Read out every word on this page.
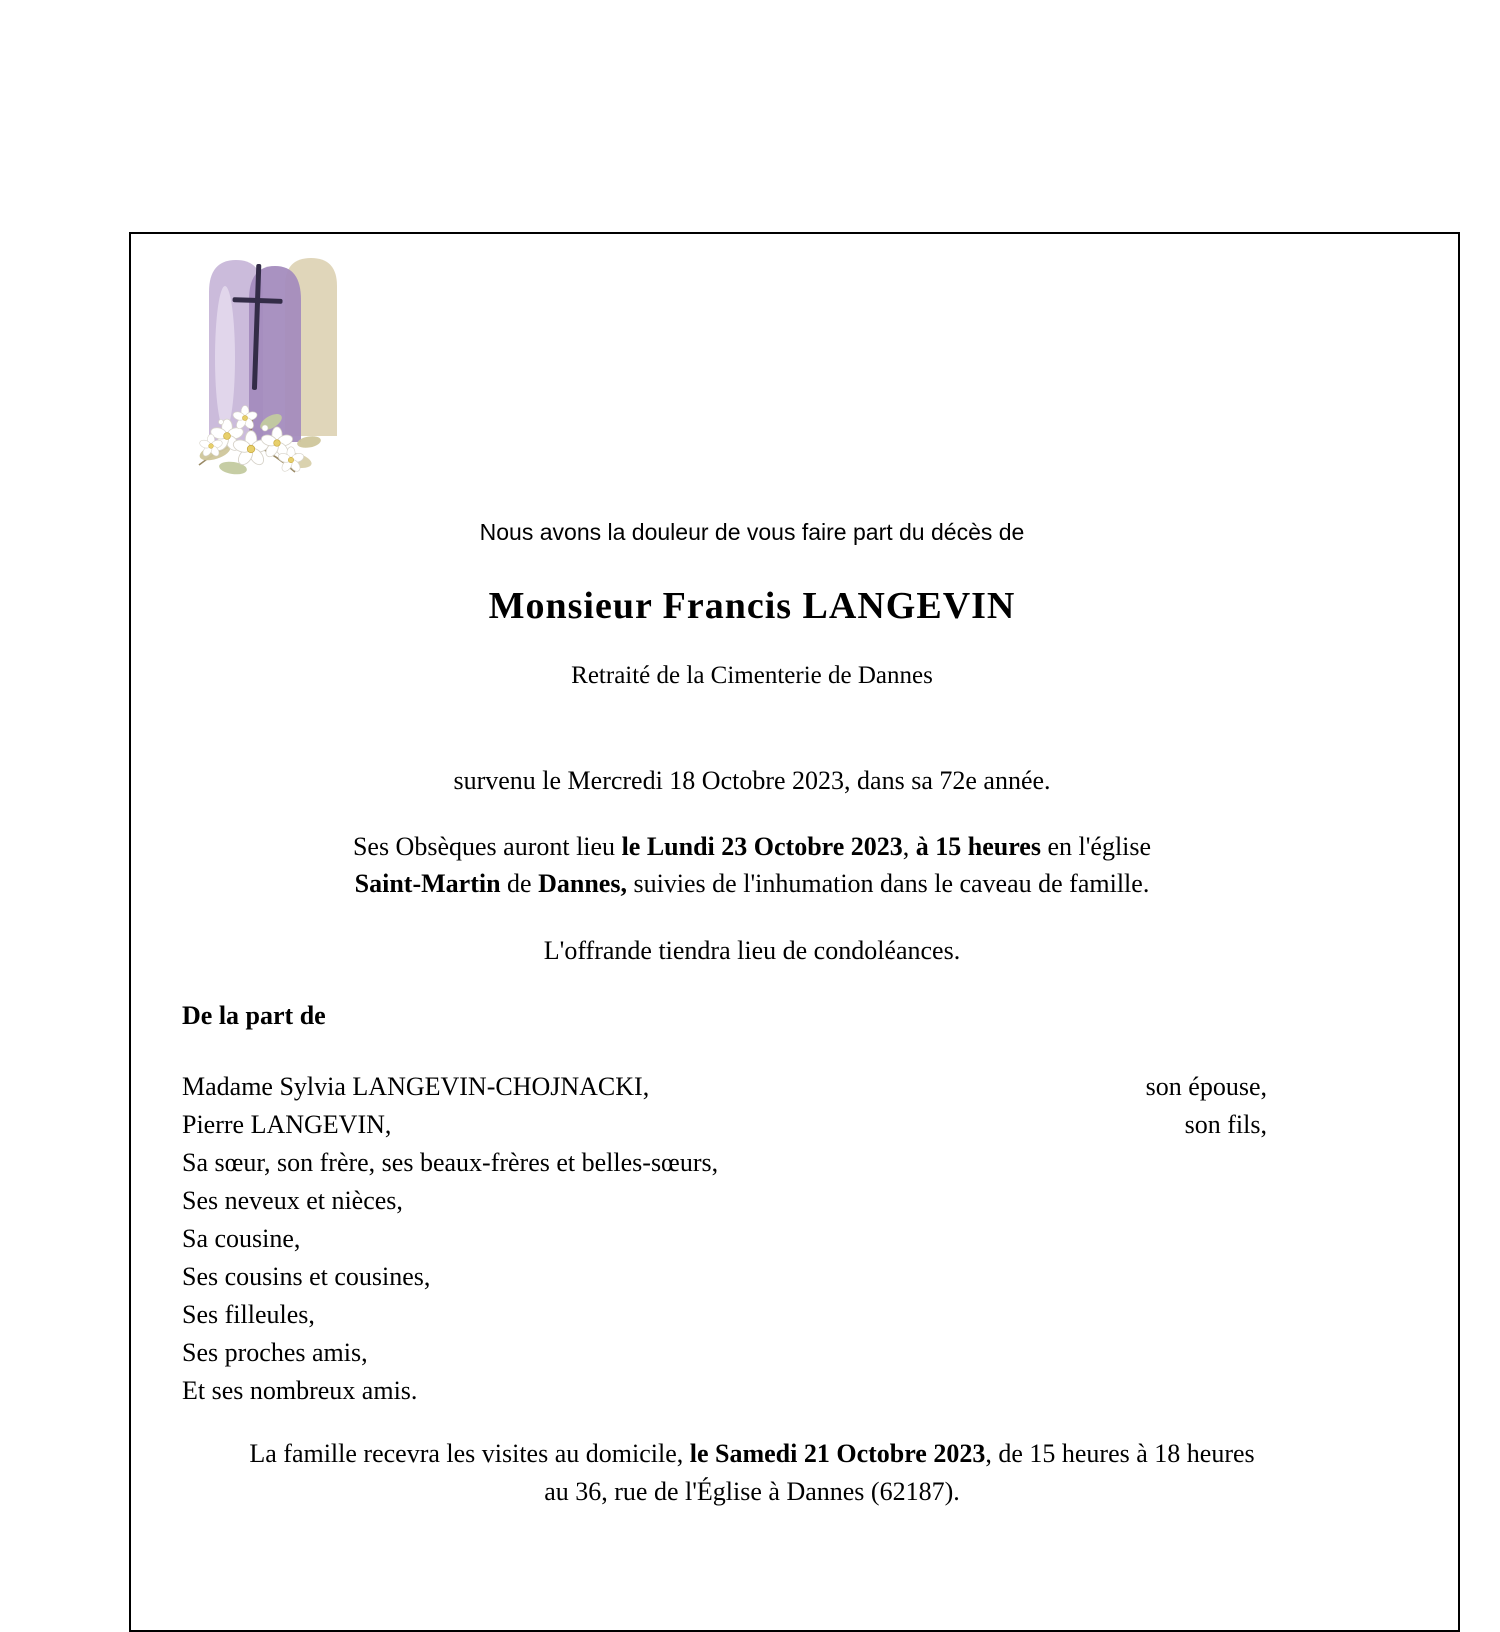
Nous avons la douleur de vous faire part du décès de

Monsieur Francis LANGEVIN

Retraité de la Cimenterie de Dannes

survenu le Mercredi 18 Octobre 2023, dans sa 72e année.

Ses Obsèques auront lieu le Lundi 23 Octobre 2023, à 15 heures en l'église
Saint-Martin de Dannes, suivies de l'inhumation dans le caveau de famille.

L'offrande tiendra lieu de condoléances.

De la part de

Madame Sylvia LANGEVIN-CHOJNACKI,	son épouse,
Pierre LANGEVIN,	son fils,
Sa sœur, son frère, ses beaux-frères et belles-sœurs,
Ses neveux et nièces,
Sa cousine,
Ses cousins et cousines,
Ses filleules,
Ses proches amis,
Et ses nombreux amis.

La famille recevra les visites au domicile, le Samedi 21 Octobre 2023, de 15 heures à 18 heures
au 36, rue de l'Église à Dannes (62187).
